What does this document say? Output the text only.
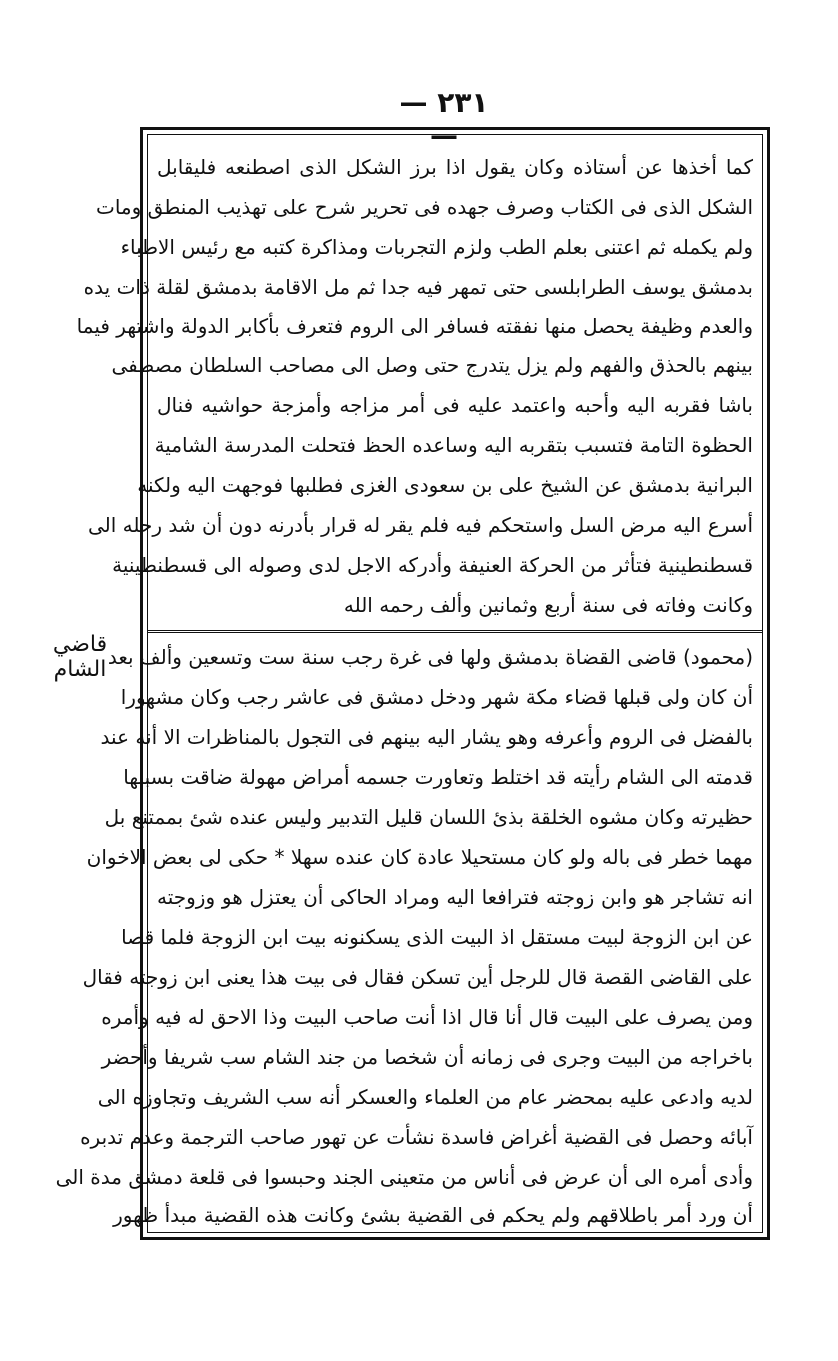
— ٢٣١ —
قاضي الشام
كما أخذها عن أستاذه وكان يقول اذا برز الشكل الذى اصطنعه فليقابل
الشكل الذى فى الكتاب وصرف جهده فى تحرير شرح على تهذيب المنطق ومات
ولم يكمله ثم اعتنى بعلم الطب ولزم التجربات ومذاكرة كتبه مع رئيس الاطباء
بدمشق يوسف الطرابلسى حتى تمهر فيه جدا ثم مل الاقامة بدمشق لقلة ذات يده
والعدم وظيفة يحصل منها نفقته فسافر الى الروم فتعرف بأكابر الدولة واشتهر فيما
بينهم بالحذق والفهم ولم يزل يتدرج حتى وصل الى مصاحب السلطان مصطفى
باشا فقربه اليه وأحبه واعتمد عليه فى أمر مزاجه وأمزجة حواشيه فنال
الحظوة التامة فتسبب بتقربه اليه وساعده الحظ فتحلت المدرسة الشامية
البرانية بدمشق عن الشيخ على بن سعودى الغزى فطلبها فوجهت اليه ولكنه
أسرع اليه مرض السل واستحكم فيه فلم يقر له قرار بأدرنه دون أن شد رحله الى
قسطنطينية فتأثر من الحركة العنيفة وأدركه الاجل لدى وصوله الى قسطنطينية
وكانت وفاته فى سنة أربع وثمانين وألف رحمه الله
(محمود) قاضى القضاة بدمشق ولها فى غرة رجب سنة ست وتسعين وألف بعد
أن كان ولى قبلها قضاء مكة شهر ودخل دمشق فى عاشر رجب وكان مشهورا
بالفضل فى الروم وأعرفه وهو يشار اليه بينهم فى التجول بالمناظرات الا أنه عند
قدمته الى الشام رأيته قد اختلط وتعاورت جسمه أمراض مهولة ضاقت بسببها
حظيرته وكان مشوه الخلقة بذئ اللسان قليل التدبير وليس عنده شئ بممتنع بل
مهما خطر فى باله ولو كان مستحيلا عادة كان عنده سهلا * حكى لى بعض الاخوان
انه تشاجر هو وابن زوجته فترافعا اليه ومراد الحاكى أن يعتزل هو وزوجته
عن ابن الزوجة لبيت مستقل اذ البيت الذى يسكنونه بيت ابن الزوجة فلما قصا
على القاضى القصة قال للرجل أين تسكن فقال فى بيت هذا يعنى ابن زوجته فقال
ومن يصرف على البيت قال أنا قال اذا أنت صاحب البيت وذا الاحق له فيه وأمره
باخراجه من البيت وجرى فى زمانه أن شخصا من جند الشام سب شريفا وأحضر
لديه وادعى عليه بمحضر عام من العلماء والعسكر أنه سب الشريف وتجاوزه الى
آبائه وحصل فى القضية أغراض فاسدة نشأت عن تهور صاحب الترجمة وعدم تدبره
وأدى أمره الى أن عرض فى أناس من متعينى الجند وحبسوا فى قلعة دمشق مدة الى
أن ورد أمر باطلاقهم ولم يحكم فى القضية بشئ وكانت هذه القضية مبدأ ظهور
